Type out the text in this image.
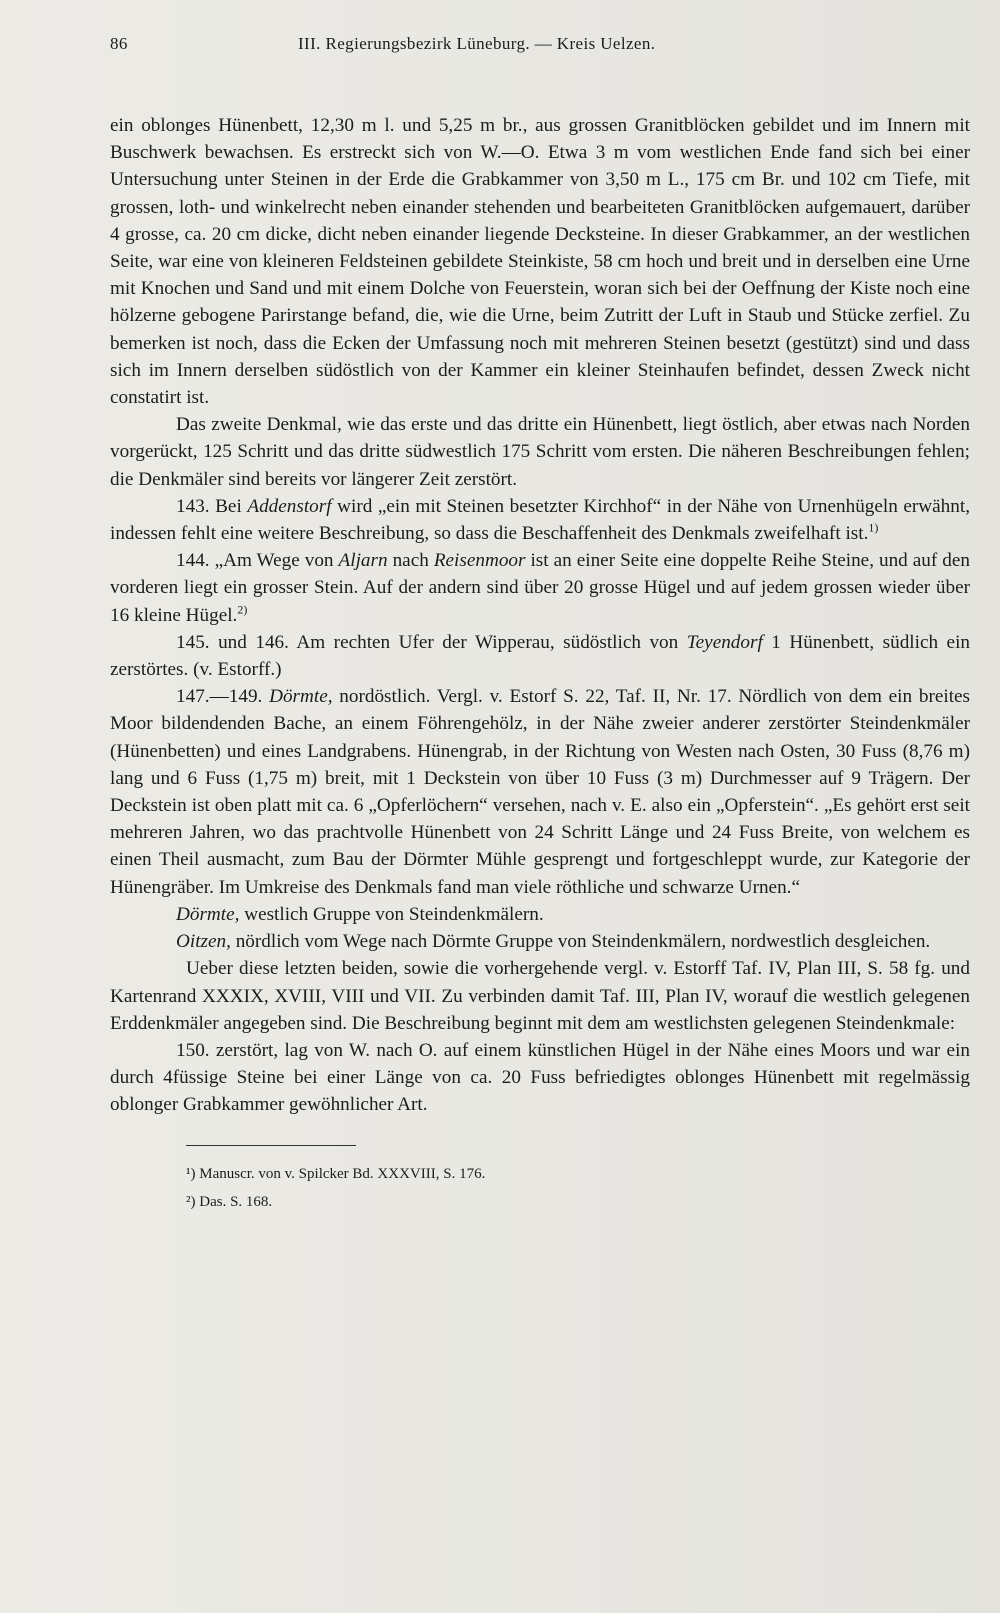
86	III. Regierungsbezirk Lüneburg. — Kreis Uelzen.

ein oblonges Hünenbett, 12,30 m l. und 5,25 m br., aus grossen Granitblöcken gebildet und im Innern mit Buschwerk bewachsen. Es erstreckt sich von W.—O. Etwa 3 m vom westlichen Ende fand sich bei einer Untersuchung unter Steinen in der Erde die Grabkammer von 3,50 m L., 175 cm Br. und 102 cm Tiefe, mit grossen, loth- und winkelrecht neben einander stehenden und bearbeiteten Granitblöcken aufgemauert, darüber 4 grosse, ca. 20 cm dicke, dicht neben einander liegende Decksteine. In dieser Grabkammer, an der westlichen Seite, war eine von kleineren Feldsteinen gebildete Steinkiste, 58 cm hoch und breit und in derselben eine Urne mit Knochen und Sand und mit einem Dolche von Feuerstein, woran sich bei der Oeffnung der Kiste noch eine hölzerne gebogene Parirstange befand, die, wie die Urne, beim Zutritt der Luft in Staub und Stücke zerfiel. Zu bemerken ist noch, dass die Ecken der Umfassung noch mit mehreren Steinen besetzt (gestützt) sind und dass sich im Innern derselben südöstlich von der Kammer ein kleiner Steinhaufen befindet, dessen Zweck nicht constatirt ist.

Das zweite Denkmal, wie das erste und das dritte ein Hünenbett, liegt östlich, aber etwas nach Norden vorgerückt, 125 Schritt und das dritte südwestlich 175 Schritt vom ersten. Die näheren Beschreibungen fehlen; die Denkmäler sind bereits vor längerer Zeit zerstört.

143. Bei Addenstorf wird „ein mit Steinen besetzter Kirchhof“ in der Nähe von Urnenhügeln erwähnt, indessen fehlt eine weitere Beschreibung, so dass die Beschaffenheit des Denkmals zweifelhaft ist.$^{1)}$

144. „Am Wege von Aljarn nach Reisenmoor ist an einer Seite eine doppelte Reihe Steine, und auf den vorderen liegt ein grosser Stein. Auf der andern sind über 20 grosse Hügel und auf jedem grossen wieder über 16 kleine Hügel.$^{2)}$

145. und 146. Am rechten Ufer der Wipperau, südöstlich von Teyendorf 1 Hünenbett, südlich ein zerstörtes. (v. Estorff.)

147.—149. Dörmte, nordöstlich. Vergl. v. Estorf S. 22, Taf. II, Nr. 17. Nördlich von dem ein breites Moor bildendenden Bache, an einem Föhrengehölz, in der Nähe zweier anderer zerstörter Steindenkmäler (Hünenbetten) und eines Landgrabens. Hünengrab, in der Richtung von Westen nach Osten, 30 Fuss (8,76 m) lang und 6 Fuss (1,75 m) breit, mit 1 Deckstein von über 10 Fuss (3 m) Durchmesser auf 9 Trägern. Der Deckstein ist oben platt mit ca. 6 „Opferlöchern“ versehen, nach v. E. also ein „Opferstein“. „Es gehört erst seit mehreren Jahren, wo das prachtvolle Hünenbett von 24 Schritt Länge und 24 Fuss Breite, von welchem es einen Theil ausmacht, zum Bau der Dörmter Mühle gesprengt und fortgeschleppt wurde, zur Kategorie der Hünengräber. Im Umkreise des Denkmals fand man viele röthliche und schwarze Urnen.“

Dörmte, westlich Gruppe von Steindenkmälern.

Oitzen, nördlich vom Wege nach Dörmte Gruppe von Steindenkmälern, nordwestlich desgleichen.

Ueber diese letzten beiden, sowie die vorhergehende vergl. v. Estorff Taf. IV, Plan III, S. 58 fg. und Kartenrand XXXIX, XVIII, VIII und VII. Zu verbinden damit Taf. III, Plan IV, worauf die westlich gelegenen Erddenkmäler angegeben sind. Die Beschreibung beginnt mit dem am westlichsten gelegenen Steindenkmale:

150. zerstört, lag von W. nach O. auf einem künstlichen Hügel in der Nähe eines Moors und war ein durch 4füssige Steine bei einer Länge von ca. 20 Fuss befriedigtes oblonges Hünenbett mit regelmässig oblonger Grabkammer gewöhnlicher Art.

¹) Manuscr. von v. Spilcker Bd. XXXVIII, S. 176.
²) Das. S. 168.
